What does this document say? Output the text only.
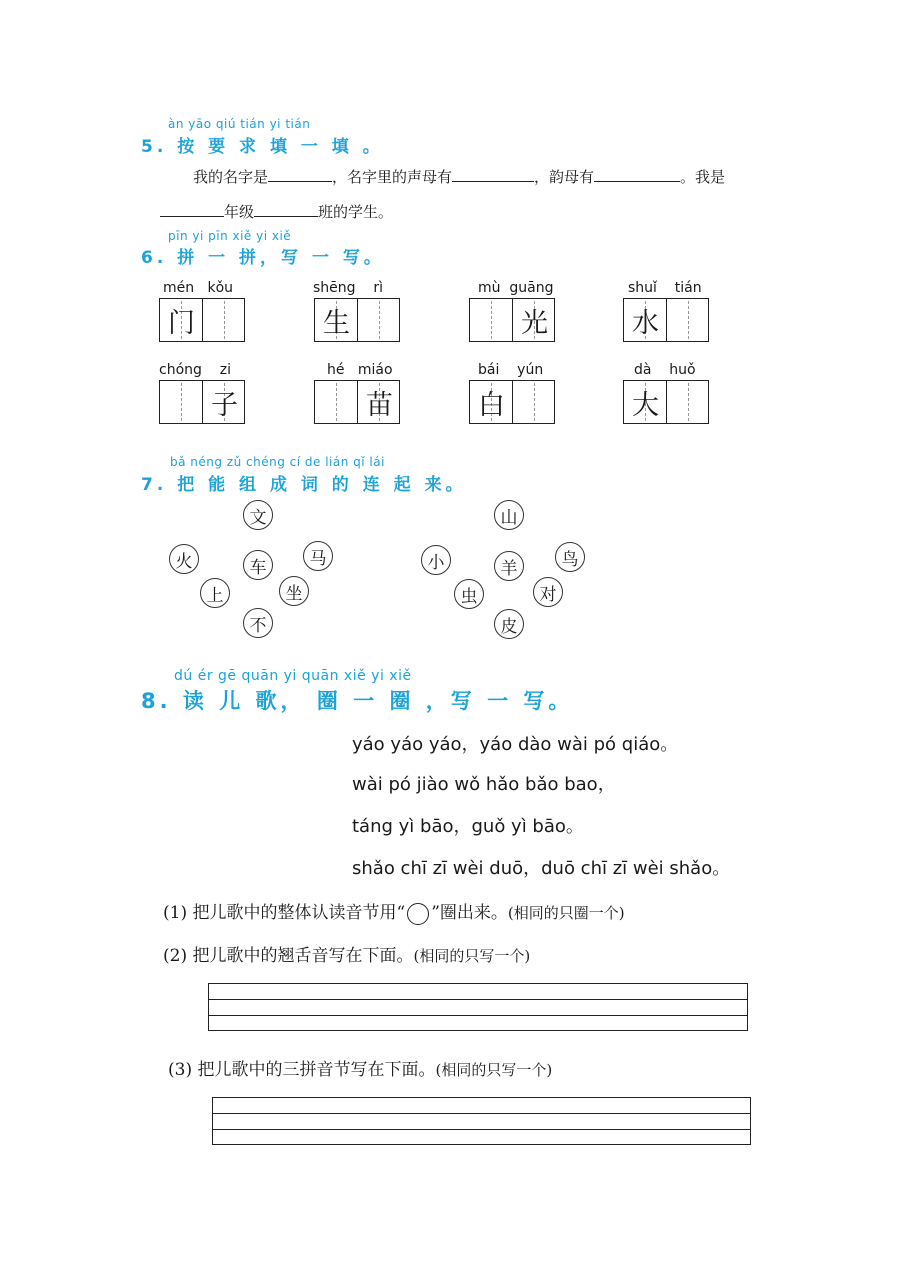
àn yāo qiú tián yi tián
5. 按 要 求 填 一 填 。
我的名字是	，名字里的声母有	，韵母有	。我是
年级	班的学生。
pīn yi pīn xiě yi xiě
6. 拼 一 拼，写 一 写。
mén kǒu
门
shēng rì
生
mù guāng
光
shuǐ tián
水
chóng zi
子
hé miáo
苗
bái yún
白
dà huǒ
大
bǎ néng zǔ chéng cí de lián qǐ lái
7. 把 能 组 成 词 的 连 起 来。
文
火	车	马
上	坐
不
山
小	羊	鸟
虫	对
皮
dú ér gē quān yi quān xiě yi xiě
8. 读 儿 歌， 圈 一 圈 ，写 一 写。
yáo yáo yáo，yáo dào wài pó qiáo。
wài pó jiào wǒ hǎo bǎo bao，
táng yì bāo，guǒ yì bāo。
shǎo chī zī wèi duō，duō chī zī wèi shǎo。
(1) 把儿歌中的整体认读音节用“ ”圈出来。(相同的只圈一个)
(2) 把儿歌中的翘舌音写在下面。(相同的只写一个)
(3) 把儿歌中的三拼音节写在下面。(相同的只写一个)
